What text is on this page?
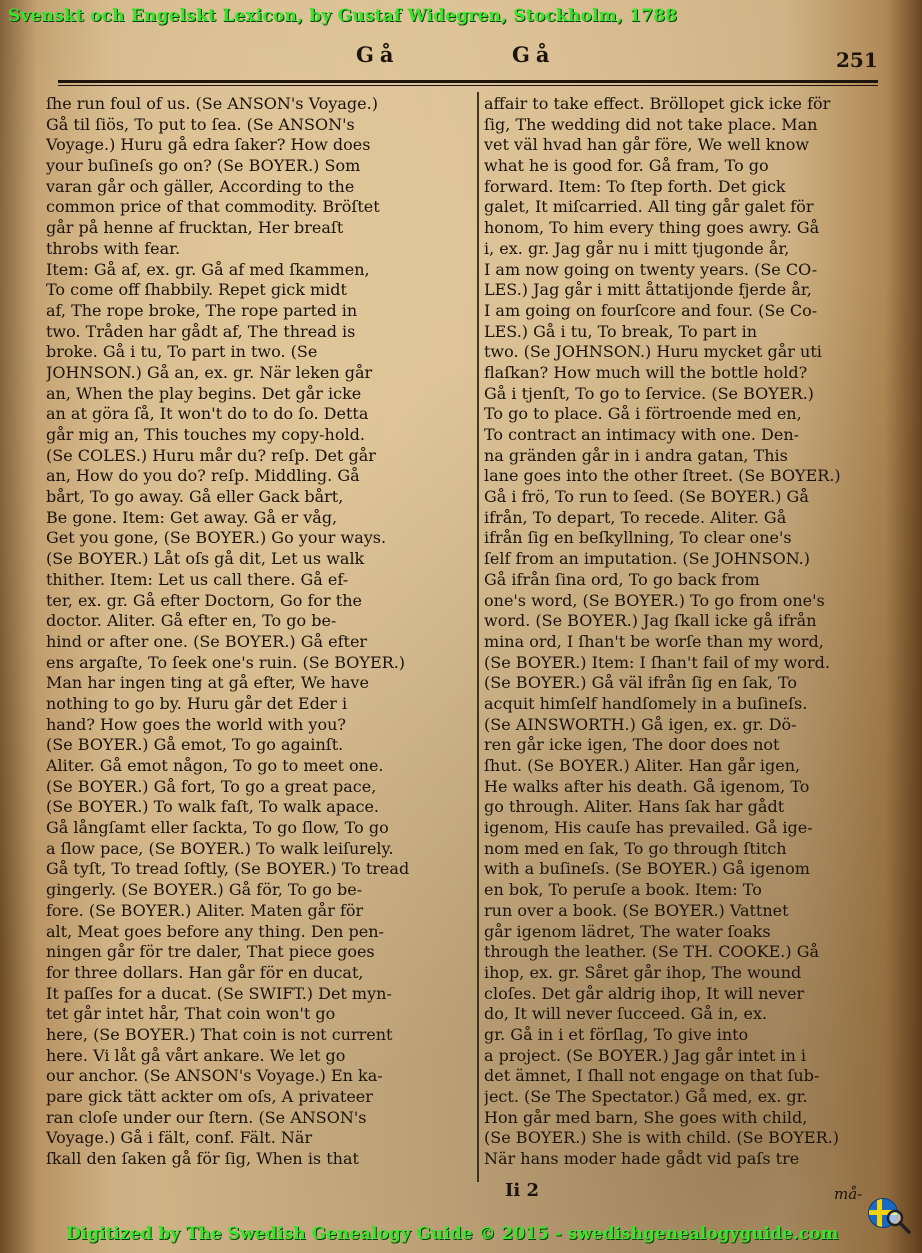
Svenskt och Engelskt Lexicon, by Gustaf Widegren, Stockholm, 1788
Gå	Gå	251
ſhe run foul of us. (Se ANSON's Voyage.)
Gå til ſiös, To put to ſea. (Se ANSON's
Voyage.) Huru gå edra ſaker? How does
your buſineſs go on? (Se BOYER.) Som
varan går och gäller, According to the
common price of that commodity. Bröſtet
går på henne af frucktan, Her breaſt
throbs with fear.
Item: Gå af, ex. gr. Gå af med ſkammen,
To come off ſhabbily. Repet gick midt
af, The rope broke, The rope parted in
two. Tråden har gådt af, The thread is
broke. Gå i tu, To part in two. (Se
JOHNSON.) Gå an, ex. gr. När leken går
an, When the play begins. Det går icke
an at göra ſå, It won't do to do ſo. Detta
går mig an, This touches my copy-hold.
(Se COLES.) Huru mår du? reſp. Det går
an, How do you do? reſp. Middling. Gå
bårt, To go away. Gå eller Gack bårt,
Be gone. Item: Get away. Gå er våg,
Get you gone, (Se BOYER.) Go your ways.
(Se BOYER.) Låt oſs gå dit, Let us walk
thither. Item: Let us call there. Gå ef-
ter, ex. gr. Gå efter Doctorn, Go for the
doctor. Aliter. Gå efter en, To go be-
hind or after one. (Se BOYER.) Gå efter
ens argaſte, To ſeek one's ruin. (Se BOYER.)
Man har ingen ting at gå efter, We have
nothing to go by. Huru går det Eder i
hand? How goes the world with you?
(Se BOYER.) Gå emot, To go againſt.
Aliter. Gå emot någon, To go to meet one.
(Se BOYER.) Gå fort, To go a great pace,
(Se BOYER.) To walk faſt, To walk apace.
Gå långſamt eller ſackta, To go ſlow, To go
a ſlow pace, (Se BOYER.) To walk leiſurely.
Gå tyſt, To tread ſoftly, (Se BOYER.) To tread
gingerly. (Se BOYER.) Gå för, To go be-
fore. (Se BOYER.) Aliter. Maten går för
alt, Meat goes before any thing. Den pen-
ningen går för tre daler, That piece goes
for three dollars. Han går för en ducat,
It paſſes for a ducat. (Se SWIFT.) Det myn-
tet går intet hår, That coin won't go
here, (Se BOYER.) That coin is not current
here. Vi låt gå vårt ankare. We let go
our anchor. (Se ANSON's Voyage.) En ka-
pare gick tätt ackter om oſs, A privateer
ran cloſe under our ſtern. (Se ANSON's
Voyage.) Gå i fält, conf. Fält. När
ſkall den ſaken gå för ſig, When is that
affair to take effect. Bröllopet gick icke för
ſig, The wedding did not take place. Man
vet väl hvad han går före, We well know
what he is good for. Gå fram, To go
forward. Item: To ſtep forth. Det gick
galet, It miſcarried. All ting går galet för
honom, To him every thing goes awry. Gå
i, ex. gr. Jag går nu i mitt tjugonde år,
I am now going on twenty years. (Se CO-
LES.) Jag går i mitt åttatijonde fjerde år,
I am going on fourſcore and four. (Se Co-
LES.) Gå i tu, To break, To part in
two. (Se JOHNSON.) Huru mycket går uti
flaſkan? How much will the bottle hold?
Gå i tjenſt, To go to ſervice. (Se BOYER.)
To go to place. Gå i förtroende med en,
To contract an intimacy with one. Den-
na gränden går in i andra gatan, This
lane goes into the other ſtreet. (Se BOYER.)
Gå i frö, To run to ſeed. (Se BOYER.) Gå
ifrån, To depart, To recede. Aliter. Gå
ifrån ſig en beſkyllning, To clear one's
ſelf from an imputation. (Se JOHNSON.)
Gå ifrån ſina ord, To go back from
one's word, (Se BOYER.) To go from one's
word. (Se BOYER.) Jag ſkall icke gå ifrån
mina ord, I ſhan't be worſe than my word,
(Se BOYER.) Item: I ſhan't fail of my word.
(Se BOYER.) Gå väl ifrån ſig en ſak, To
acquit himſelf handſomely in a buſineſs.
(Se AINSWORTH.) Gå igen, ex. gr. Dö-
ren går icke igen, The door does not
ſhut. (Se BOYER.) Aliter. Han går igen,
He walks after his death. Gå igenom, To
go through. Aliter. Hans ſak har gådt
igenom, His cauſe has prevailed. Gå ige-
nom med en ſak, To go through ſtitch
with a buſineſs. (Se BOYER.) Gå igenom
en bok, To peruſe a book. Item: To
run over a book. (Se BOYER.) Vattnet
går igenom lädret, The water ſoaks
through the leather. (Se TH. COOKE.) Gå
ihop, ex. gr. Såret går ihop, The wound
cloſes. Det går aldrig ihop, It will never
do, It will never ſucceed. Gå in, ex.
gr. Gå in i et förſlag, To give into
a project. (Se BOYER.) Jag går intet in i
det ämnet, I ſhall not engage on that ſub-
ject. (Se The Spectator.) Gå med, ex. gr.
Hon går med barn, She goes with child,
(Se BOYER.) She is with child. (Se BOYER.)
När hans moder hade gådt vid paſs tre
Ii 2	må-
Digitized by The Swedish Genealogy Guide © 2015 - swedishgenealogyguide.com
